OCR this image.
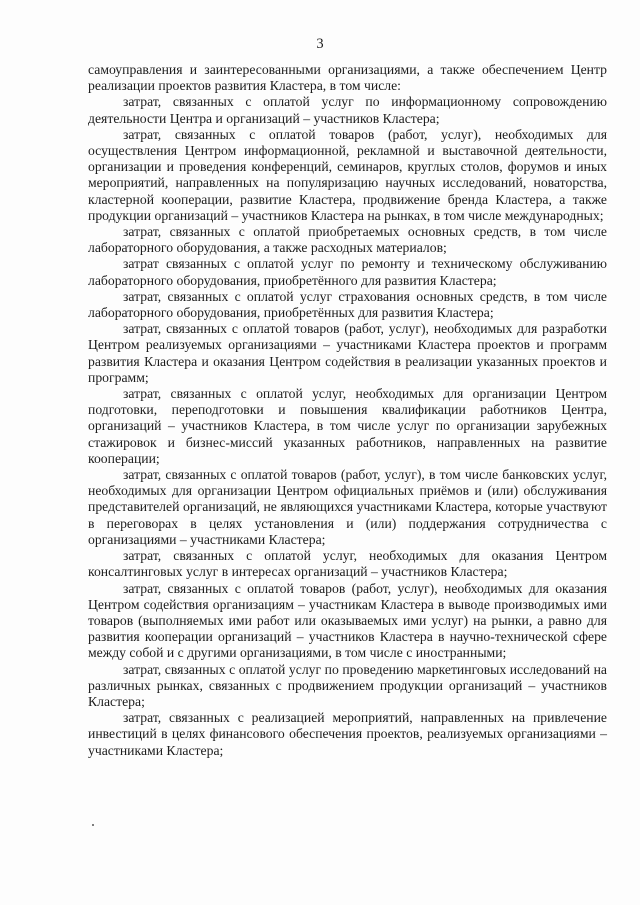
3

самоуправления и заинтересованными организациями, а также обеспечением Центр реализации проектов развития Кластера, в том числе:

затрат, связанных с оплатой услуг по информационному сопровождению деятельности Центра и организаций – участников Кластера;

затрат, связанных с оплатой товаров (работ, услуг), необходимых для осуществления Центром информационной, рекламной и выставочной деятельности, организации и проведения конференций, семинаров, круглых столов, форумов и иных мероприятий, направленных на популяризацию научных исследований, новаторства, кластерной кооперации, развитие Кластера, продвижение бренда Кластера, а также продукции организаций – участников Кластера на рынках, в том числе международных;

затрат, связанных с оплатой приобретаемых основных средств, в том числе лабораторного оборудования, а также расходных материалов;

затрат связанных с оплатой услуг по ремонту и техническому обслуживанию лабораторного оборудования, приобретённого для развития Кластера;

затрат, связанных с оплатой услуг страхования основных средств, в том числе лабораторного оборудования, приобретённых для развития Кластера;

затрат, связанных с оплатой товаров (работ, услуг), необходимых для разработки Центром реализуемых организациями – участниками Кластера проектов и программ развития Кластера и оказания Центром содействия в реализации указанных проектов и программ;

затрат, связанных с оплатой услуг, необходимых для организации Центром подготовки, переподготовки и повышения квалификации работников Центра, организаций – участников Кластера, в том числе услуг по организации зарубежных стажировок и бизнес-миссий указанных работников, направленных на развитие кооперации;

затрат, связанных с оплатой товаров (работ, услуг), в том числе банковских услуг, необходимых для организации Центром официальных приёмов и (или) обслуживания представителей организаций, не являющихся участниками Кластера, которые участвуют в переговорах в целях установления и (или) поддержания сотрудничества с организациями – участниками Кластера;

затрат, связанных с оплатой услуг, необходимых для оказания Центром консалтинговых услуг в интересах организаций – участников Кластера;

затрат, связанных с оплатой товаров (работ, услуг), необходимых для оказания Центром содействия организациям – участникам Кластера в выводе производимых ими товаров (выполняемых ими работ или оказываемых ими услуг) на рынки, а равно для развития кооперации организаций – участников Кластера в научно-технической сфере между собой и с другими организациями, в том числе с иностранными;

затрат, связанных с оплатой услуг по проведению маркетинговых исследований на различных рынках, связанных с продвижением продукции организаций – участников Кластера;

затрат, связанных с реализацией мероприятий, направленных на привлечение инвестиций в целях финансового обеспечения проектов, реализуемых организациями – участниками Кластера;
